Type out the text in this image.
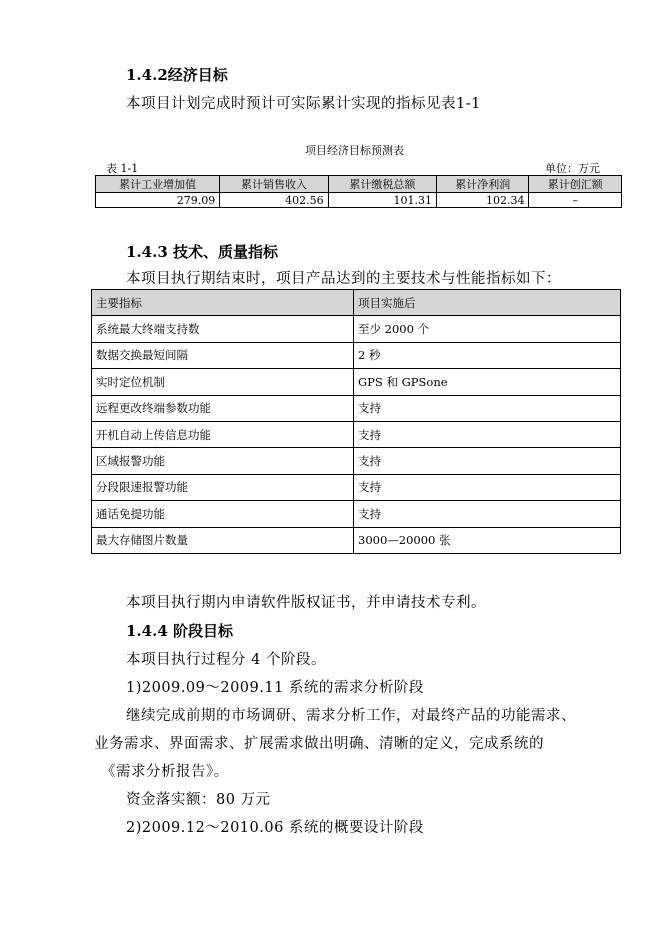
1.4.2经济目标
本项目计划完成时预计可实际累计实现的指标见表1-1
项目经济目标预测表
表 1-1	单位：万元
累计工业增加值	累计销售收入	累计缴税总额	累计净利润	累计创汇额
279.09	402.56	101.31	102.34	–
1.4.3 技术、质量指标
本项目执行期结束时，项目产品达到的主要技术与性能指标如下：
主要指标	项目实施后
系统最大终端支持数	至少 2000 个
数据交换最短间隔	2 秒
实时定位机制	GPS 和 GPSone
远程更改终端参数功能	支持
开机自动上传信息功能	支持
区域报警功能	支持
分段限速报警功能	支持
通话免提功能	支持
最大存储图片数量	3000—20000 张
本项目执行期内申请软件版权证书，并申请技术专利。
1.4.4 阶段目标
本项目执行过程分 4 个阶段。
1)2009.09～2009.11 系统的需求分析阶段
继续完成前期的市场调研、需求分析工作，对最终产品的功能需求、
业务需求、界面需求、扩展需求做出明确、清晰的定义，完成系统的
《需求分析报告》。
资金落实额：80 万元
2)2009.12～2010.06 系统的概要设计阶段
